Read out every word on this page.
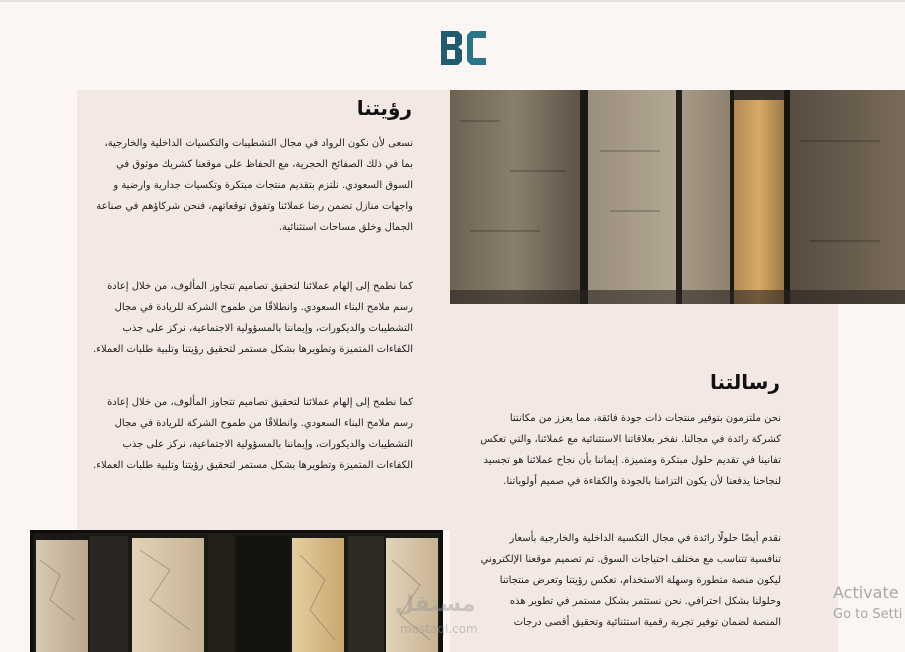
رؤيتنا

نسعى لأن نكون الرواد في مجال التشطيبات والتكسيات الداخلية والخارجية، بما في ذلك الصفائح الحجرية، مع الحفاظ على موقعنا كشريك موثوق في السوق السعودي. نلتزم بتقديم منتجات مبتكرة وتكسيات جدارية وارضية و واجهات منازل تضمن رضا عملائنا وتفوق توقعاتهم، فنحن شركاؤهم في صناعة الجمال وخلق مساحات استثنائية.

كما نطمح إلى إلهام عملائنا لتحقيق تصاميم تتجاوز المألوف، من خلال إعادة رسم ملامح البناء السعودي. وانطلاقًا من طموح الشركة للريادة في مجال التشطيبات والديكورات، وإيماننا بالمسؤولية الاجتماعية، نركز على جذب الكفاءات المتميزة وتطويرها بشكل مستمر لتحقيق رؤيتنا وتلبية طلبات العملاء.

كما نطمح إلى إلهام عملائنا لتحقيق تصاميم تتجاوز المألوف، من خلال إعادة رسم ملامح البناء السعودي. وانطلاقًا من طموح الشركة للريادة في مجال التشطيبات والديكورات، وإيماننا بالمسؤولية الاجتماعية، نركز على جذب الكفاءات المتميزة وتطويرها بشكل مستمر لتحقيق رؤيتنا وتلبية طلبات العملاء.

رسالتنا

نحن ملتزمون بتوفير منتجات ذات جودة فائقة، مما يعزز من مكانتنا كشركة رائدة في مجالنا. نفخر بعلاقاتنا الاستثنائية مع عملائنا، والتي تعكس تفانينا في تقديم حلول مبتكرة ومتميزة. إيماننا بأن نجاح عملائنا هو تجسيد لنجاحنا يدفعنا لأن يكون التزامنا بالجودة والكفاءة في صميم أولوياتنا.

نقدم أيضًا حلولًا رائدة في مجال التكسية الداخلية والخارجية بأسعار تنافسية تتناسب مع مختلف احتياجات السوق. تم تصميم موقعنا الإلكتروني ليكون منصة متطورة وسهلة الاستخدام، تعكس رؤيتنا وتعرض منتجاتنا وحلولنا بشكل احترافي. نحن نستثمر بشكل مستمر في تطوير هذه المنصة لضمان توفير تجربة رقمية استثنائية وتحقيق أقصى درجات

مستقل
mostaql.com
Activate
Go to Setti
